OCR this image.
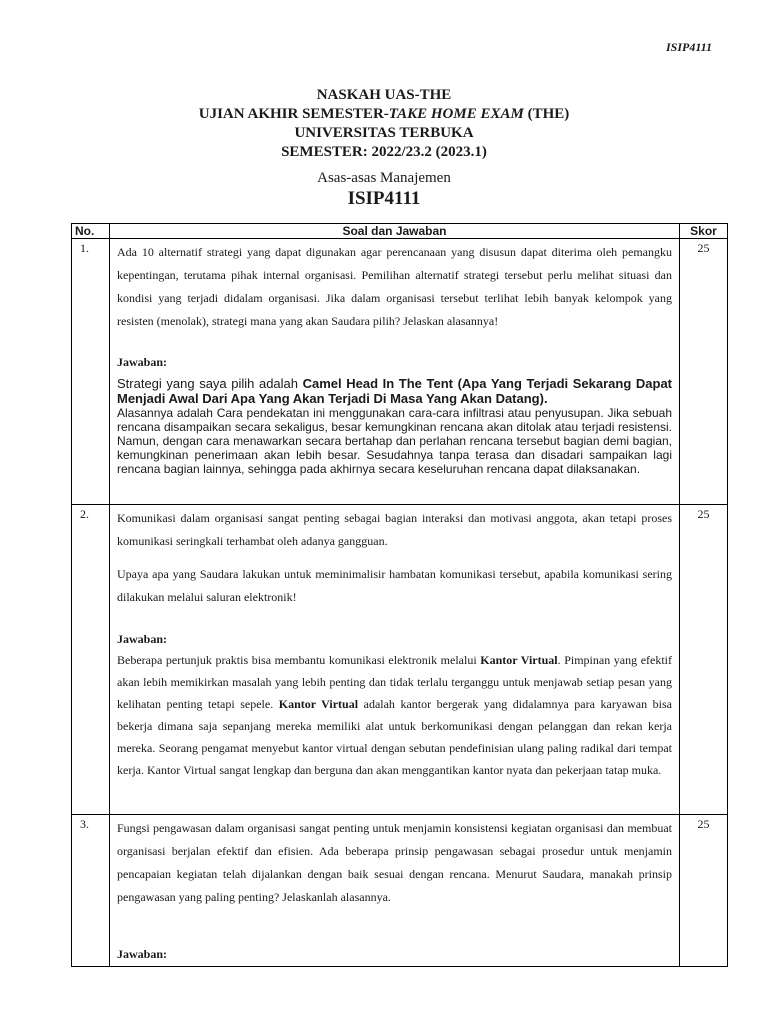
ISIP4111
NASKAH UAS-THE
UJIAN AKHIR SEMESTER-TAKE HOME EXAM (THE)
UNIVERSITAS TERBUKA
SEMESTER: 2022/23.2 (2023.1)
Asas-asas Manajemen
ISIP4111
No.	Soal dan Jawaban	Skor
1.	Ada 10 alternatif strategi yang dapat digunakan agar perencanaan yang disusun dapat diterima oleh pemangku kepentingan, terutama pihak internal organisasi. Pemilihan alternatif strategi tersebut perlu melihat situasi dan kondisi yang terjadi didalam organisasi. Jika dalam organisasi tersebut terlihat lebih banyak kelompok yang resisten (menolak), strategi mana yang akan Saudara pilih? Jelaskan alasannya!

Jawaban:

Strategi yang saya pilih adalah Camel Head In The Tent (Apa Yang Terjadi Sekarang Dapat Menjadi Awal Dari Apa Yang Akan Terjadi Di Masa Yang Akan Datang).

Alasannya adalah Cara pendekatan ini menggunakan cara-cara infiltrasi atau penyusupan. Jika sebuah rencana disampaikan secara sekaligus, besar kemungkinan rencana akan ditolak atau terjadi resistensi. Namun, dengan cara menawarkan secara bertahap dan perlahan rencana tersebut bagian demi bagian, kemungkinan penerimaan akan lebih besar. Sesudahnya tanpa terasa dan disadari sampaikan lagi rencana bagian lainnya, sehingga pada akhirnya secara keseluruhan rencana dapat dilaksanakan.	25
2.	Komunikasi dalam organisasi sangat penting sebagai bagian interaksi dan motivasi anggota, akan tetapi proses komunikasi seringkali terhambat oleh adanya gangguan.

Upaya apa yang Saudara lakukan untuk meminimalisir hambatan komunikasi tersebut, apabila komunikasi sering dilakukan melalui saluran elektronik!

Jawaban:

Beberapa pertunjuk praktis bisa membantu komunikasi elektronik melalui Kantor Virtual. Pimpinan yang efektif akan lebih memikirkan masalah yang lebih penting dan tidak terlalu terganggu untuk menjawab setiap pesan yang kelihatan penting tetapi sepele. Kantor Virtual adalah kantor bergerak yang didalamnya para karyawan bisa bekerja dimana saja sepanjang mereka memiliki alat untuk berkomunikasi dengan pelanggan dan rekan kerja mereka. Seorang pengamat menyebut kantor virtual dengan sebutan pendefinisian ulang paling radikal dari tempat kerja. Kantor Virtual sangat lengkap dan berguna dan akan menggantikan kantor nyata dan pekerjaan tatap muka.	25
3.	Fungsi pengawasan dalam organisasi sangat penting untuk menjamin konsistensi kegiatan organisasi dan membuat organisasi berjalan efektif dan efisien. Ada beberapa prinsip pengawasan sebagai prosedur untuk menjamin pencapaian kegiatan telah dijalankan dengan baik sesuai dengan rencana. Menurut Saudara, manakah prinsip pengawasan yang paling penting? Jelaskanlah alasannya.

Jawaban:	25
